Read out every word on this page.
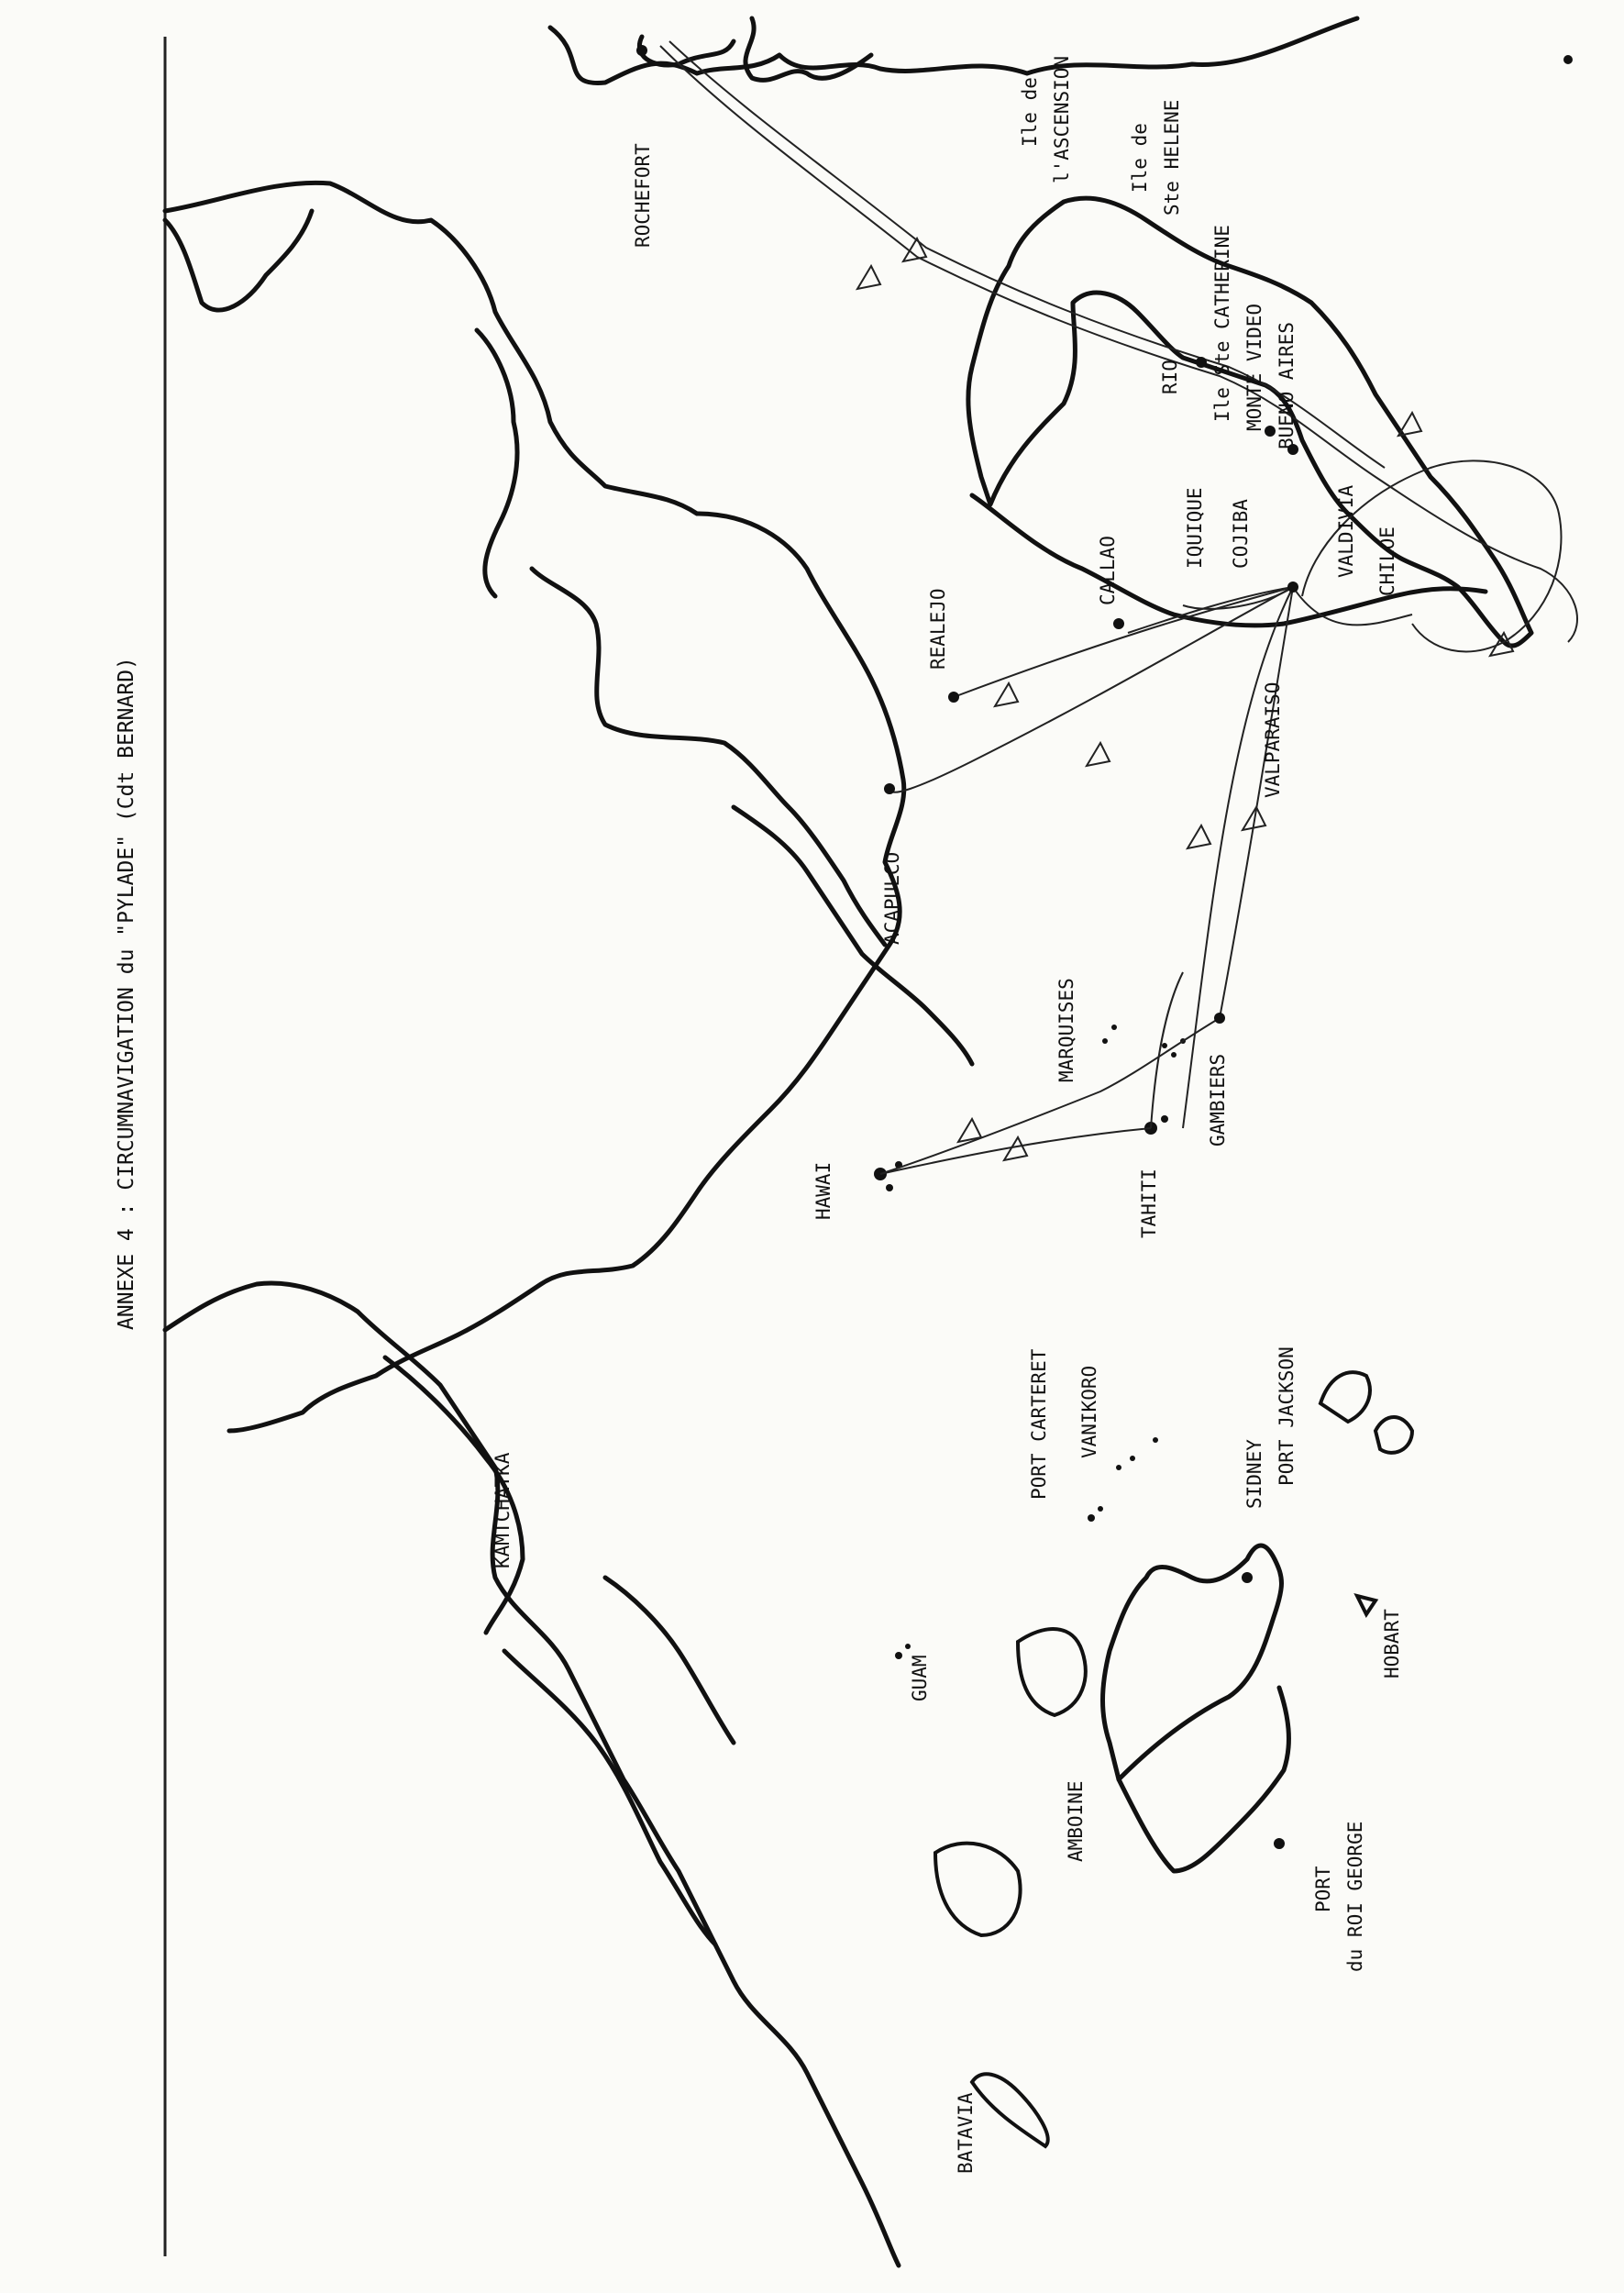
ANNEXE 4 : CIRCUMNAVIGATION du "PYLADE" (Cdt BERNARD)
ROCHEFORT
Ile de l'ASCENSION	Ile de Ste HELENE
RIO Ile Ste CATHERINE MONTE VIDEO BUENO AIRES
VALDIVIA CHILOE
COJIBA
IQUIQUE
CALLAO
REALEJO
VALPARAISO
ACAPULCO
MARQUISES
GAMBIERS
TAHITI
HAWAI
VANIKORO
PORT CARTERET	PORT JACKSON
SIDNEY
HOBART
KAMTCHATKA
GUAM
AMBOINE
PORT du ROI GEORGE
BATAVIA
